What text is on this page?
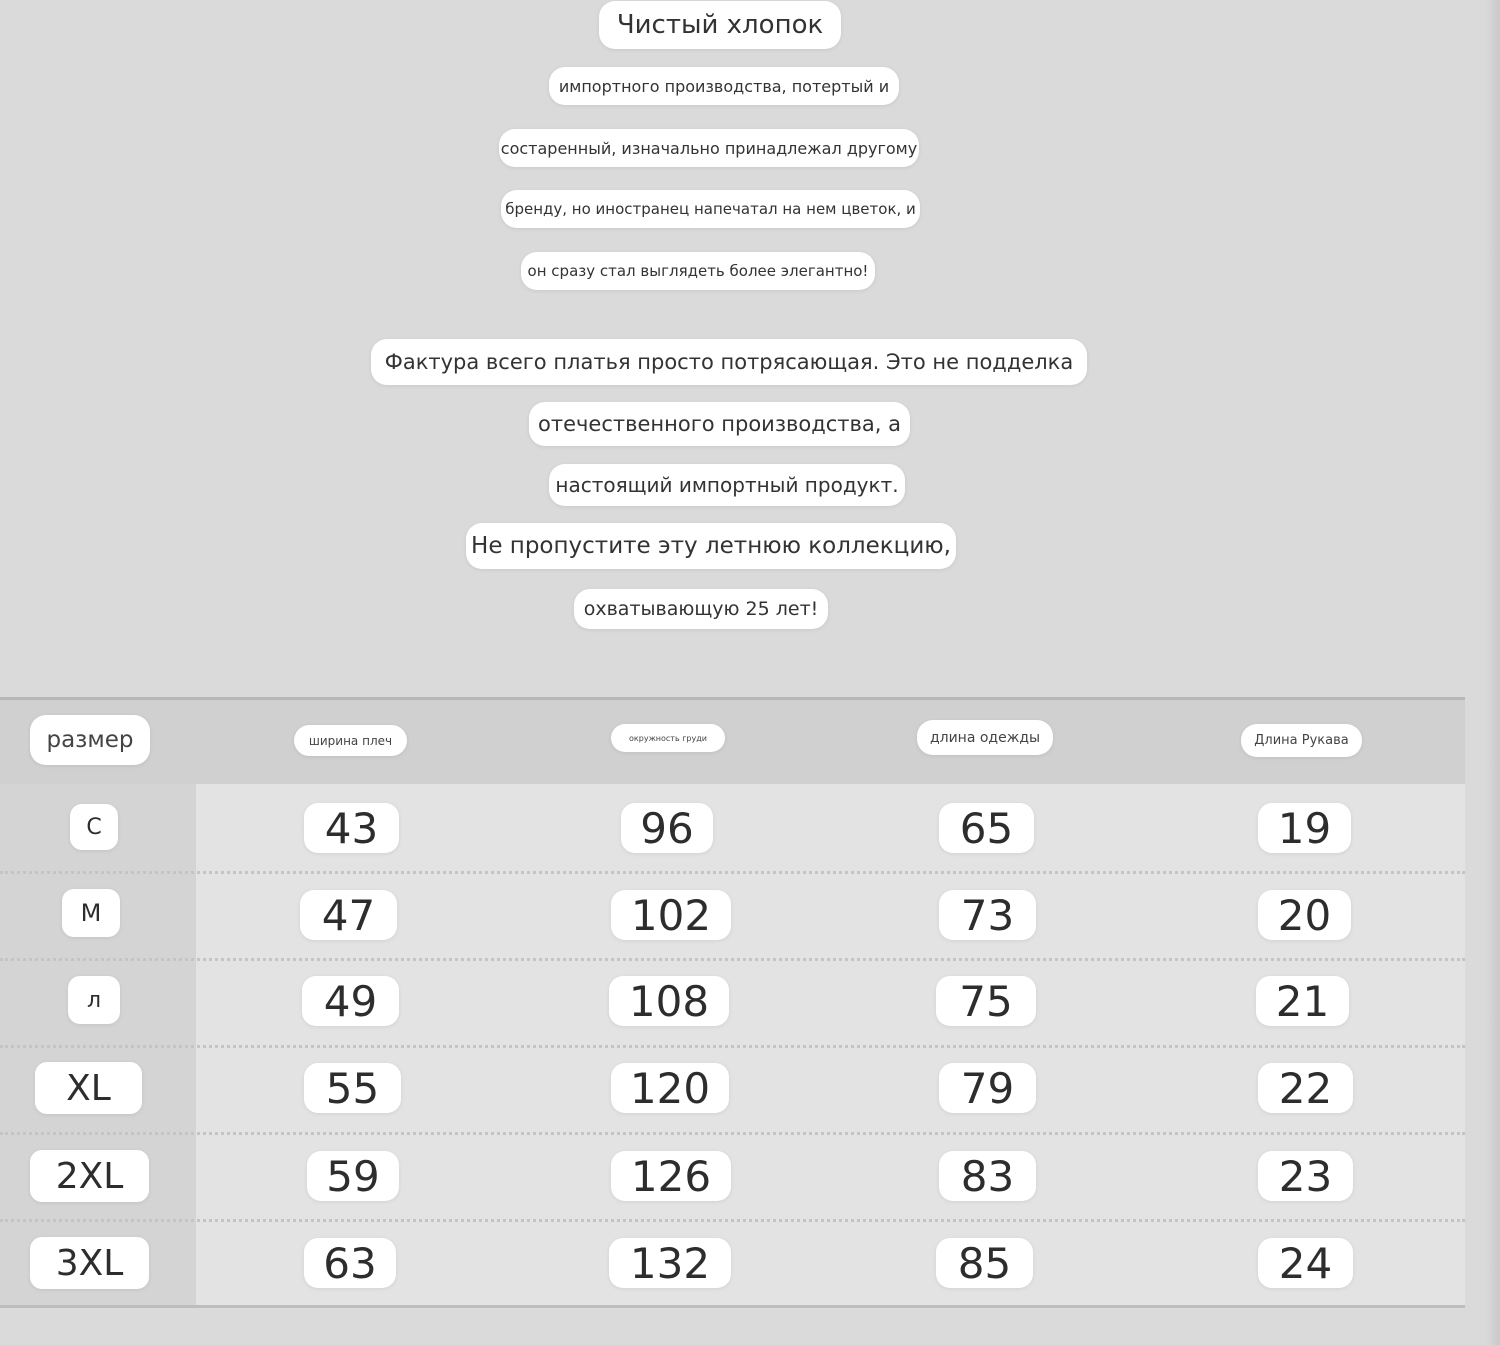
Чистый хлопок
импортного производства, потертый и
состаренный, изначально принадлежал другому
бренду, но иностранец напечатал на нем цветок, и
он сразу стал выглядеть более элегантно!
Фактура всего платья просто потрясающая. Это не подделка
отечественного производства, а
настоящий импортный продукт.
Не пропустите эту летнюю коллекцию,
охватывающую 25 лет!
размер	ширина плеч	окружность груди	длина одежды	Длина Рукава
С	43	96	65	19
М	47	102	73	20
л	49	108	75	21
XL	55	120	79	22
2XL	59	126	83	23
3XL	63	132	85	24
